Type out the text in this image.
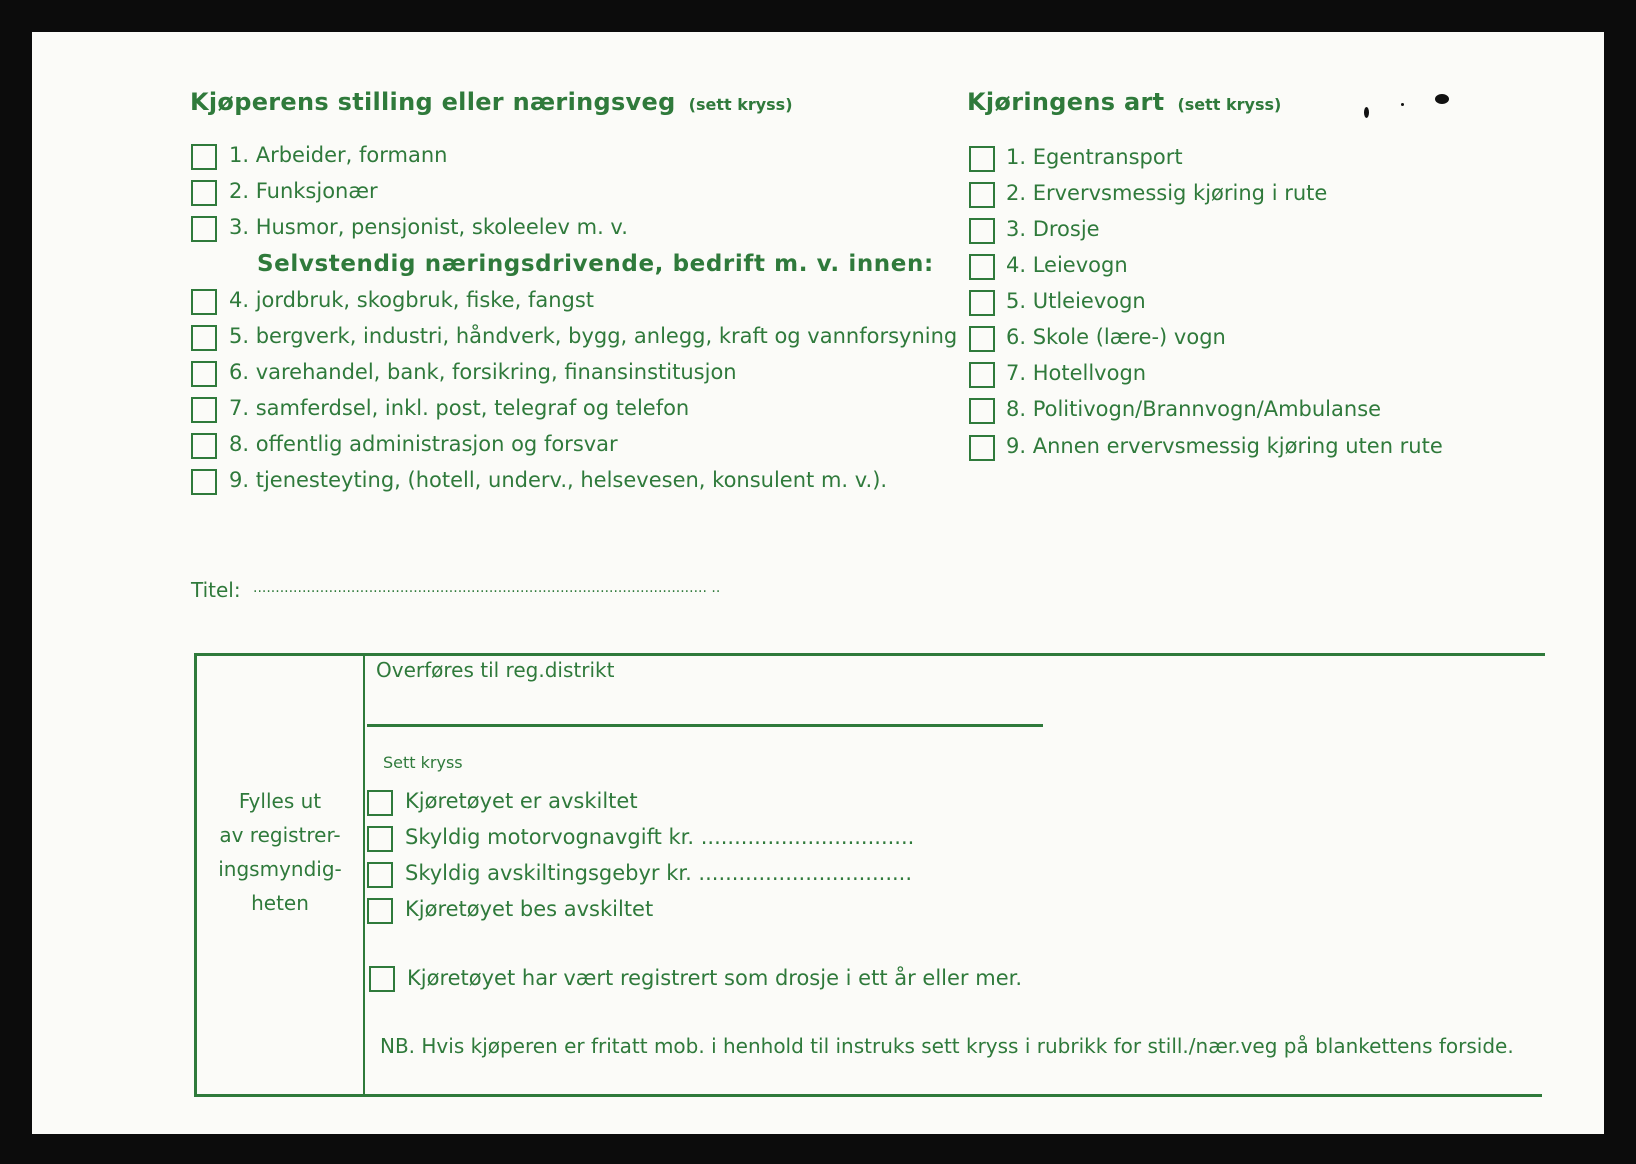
Kjøperens stilling eller næringsveg (sett kryss)
1. Arbeider, formann
2. Funksjonær
3. Husmor, pensjonist, skoleelev m. v.
Selvstendig næringsdrivende, bedrift m. v. innen:
4. jordbruk, skogbruk, fiske, fangst
5. bergverk, industri, håndverk, bygg, anlegg, kraft og vannforsyning
6. varehandel, bank, forsikring, finansinstitusjon
7. samferdsel, inkl. post, telegraf og telefon
8. offentlig administrasjon og forsvar
9. tjenesteyting, (hotell, underv., helsevesen, konsulent m. v.).
Kjøringens art (sett kryss)
1. Egentransport
2. Ervervsmessig kjøring i rute
3. Drosje
4. Leievogn
5. Utleievogn
6. Skole (lære-) vogn
7. Hotellvogn
8. Politivogn/Brannvogn/Ambulanse
9. Annen ervervsmessig kjøring uten rute
Titel: ...................................................................................................... ..
Fylles ut
av registrer-
ingsmyndig-
heten
Overføres til reg.distrikt
Sett kryss
Kjøretøyet er avskiltet
Skyldig motorvognavgift kr. ................................
Skyldig avskiltingsgebyr kr. ................................
Kjøretøyet bes avskiltet
Kjøretøyet har vært registrert som drosje i ett år eller mer.
NB. Hvis kjøperen er fritatt mob. i henhold til instruks sett kryss i rubrikk for still./nær.veg på blankettens forside.
